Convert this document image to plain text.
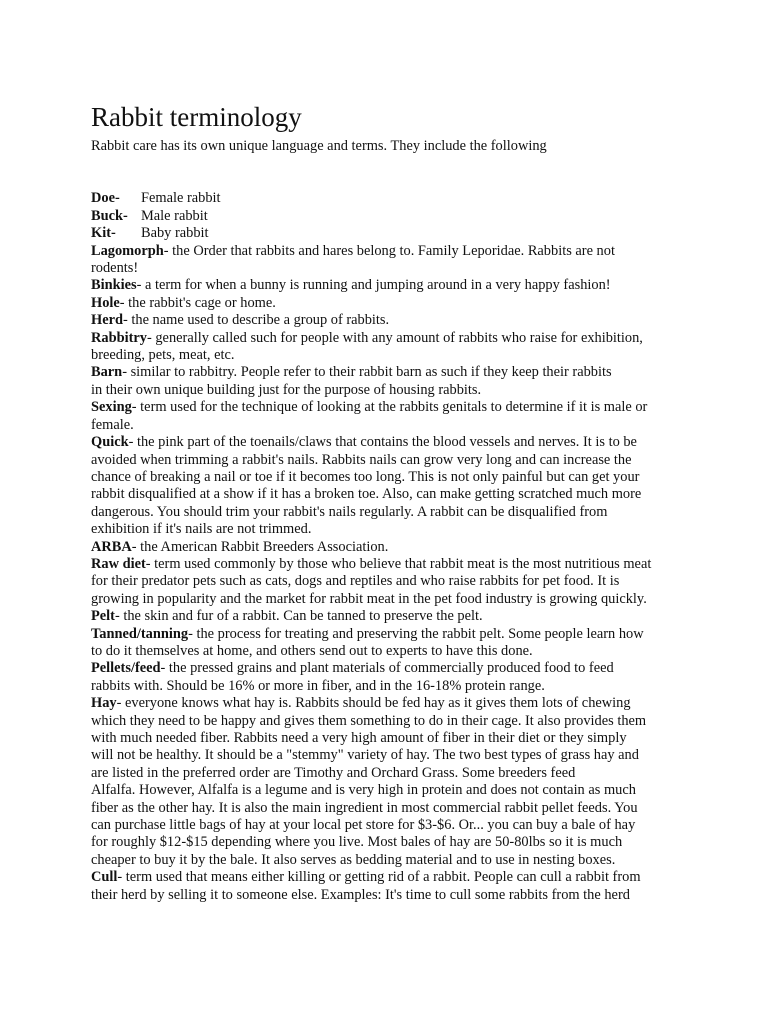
Rabbit terminology
Rabbit care has its own unique language and terms. They include the following
Doe- Female rabbit
Buck- Male rabbit
Kit- Baby rabbit
Lagomorph- the Order that rabbits and hares belong to. Family Leporidae. Rabbits are not
rodents!
Binkies- a term for when a bunny is running and jumping around in a very happy fashion!
Hole- the rabbit's cage or home.
Herd- the name used to describe a group of rabbits.
Rabbitry- generally called such for people with any amount of rabbits who raise for exhibition,
breeding, pets, meat, etc.
Barn- similar to rabbitry. People refer to their rabbit barn as such if they keep their rabbits
in their own unique building just for the purpose of housing rabbits.
Sexing- term used for the technique of looking at the rabbits genitals to determine if it is male or
female.
Quick- the pink part of the toenails/claws that contains the blood vessels and nerves. It is to be
avoided when trimming a rabbit's nails. Rabbits nails can grow very long and can increase the
chance of breaking a nail or toe if it becomes too long. This is not only painful but can get your
rabbit disqualified at a show if it has a broken toe. Also, can make getting scratched much more
dangerous. You should trim your rabbit's nails regularly. A rabbit can be disqualified from
exhibition if it's nails are not trimmed.
ARBA- the American Rabbit Breeders Association.
Raw diet- term used commonly by those who believe that rabbit meat is the most nutritious meat
for their predator pets such as cats, dogs and reptiles and who raise rabbits for pet food. It is
growing in popularity and the market for rabbit meat in the pet food industry is growing quickly.
Pelt- the skin and fur of a rabbit. Can be tanned to preserve the pelt.
Tanned/tanning- the process for treating and preserving the rabbit pelt. Some people learn how
to do it themselves at home, and others send out to experts to have this done.
Pellets/feed- the pressed grains and plant materials of commercially produced food to feed
rabbits with. Should be 16% or more in fiber, and in the 16-18% protein range.
Hay- everyone knows what hay is. Rabbits should be fed hay as it gives them lots of chewing
which they need to be happy and gives them something to do in their cage. It also provides them
with much needed fiber. Rabbits need a very high amount of fiber in their diet or they simply
will not be healthy. It should be a "stemmy" variety of hay. The two best types of grass hay and
are listed in the preferred order are Timothy and Orchard Grass. Some breeders feed
Alfalfa. However, Alfalfa is a legume and is very high in protein and does not contain as much
fiber as the other hay. It is also the main ingredient in most commercial rabbit pellet feeds. You
can purchase little bags of hay at your local pet store for $3-$6. Or... you can buy a bale of hay
for roughly $12-$15 depending where you live. Most bales of hay are 50-80lbs so it is much
cheaper to buy it by the bale. It also serves as bedding material and to use in nesting boxes.
Cull- term used that means either killing or getting rid of a rabbit. People can cull a rabbit from
their herd by selling it to someone else. Examples: It's time to cull some rabbits from the herd
